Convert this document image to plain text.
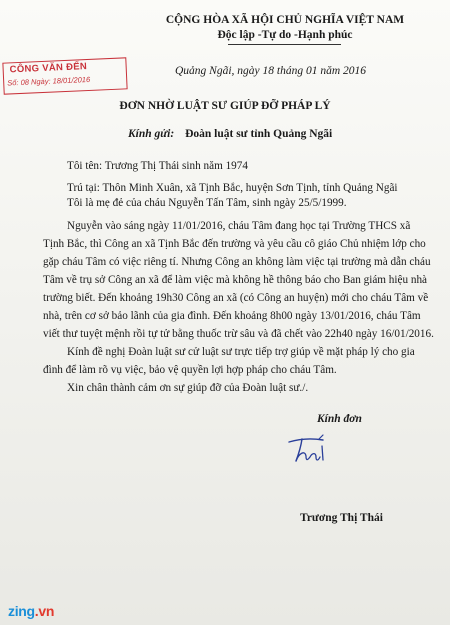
CỘNG HÒA XÃ HỘI CHỦ NGHĨA VIỆT NAM
Độc lập -Tự do -Hạnh phúc
CÔNG VĂN ĐẾN
Số: 08 Ngày: 18/01/2016
Quảng Ngãi, ngày 18 tháng 01 năm 2016
ĐƠN NHỜ LUẬT SƯ GIÚP ĐỠ PHÁP LÝ
Kính gửi: Đoàn luật sư tỉnh Quảng Ngãi
Tôi tên: Trương Thị Thái sinh năm 1974
Trú tại: Thôn Minh Xuân, xã Tịnh Bắc, huyện Sơn Tịnh, tỉnh Quảng Ngãi
Tôi là mẹ đẻ của cháu Nguyễn Tấn Tâm, sinh ngày 25/5/1999.
Nguyễn vào sáng ngày 11/01/2016, cháu Tâm đang học tại Trường THCS xã
Tịnh Bắc, thì Công an xã Tịnh Bắc đến trường và yêu cầu cô giáo Chủ nhiệm lớp cho
gặp cháu Tâm có việc riêng tí. Nhưng Công an không làm việc tại trường mà dẫn cháu
Tâm về trụ sở Công an xã để làm việc mà không hề thông báo cho Ban giám hiệu nhà
trường biết. Đến khoảng 19h30 Công an xã (có Công an huyện) mới cho cháu Tâm về
nhà, trên cơ sở bảo lãnh của gia đình. Đến khoảng 8h00 ngày 13/01/2016, cháu Tâm
viết thư tuyệt mệnh rồi tự tử bằng thuốc trừ sâu và đã chết vào 22h40 ngày 16/01/2016.
Kính đề nghị Đoàn luật sư cử luật sư trực tiếp trợ giúp về mặt pháp lý cho gia
đình để làm rõ vụ việc, bảo vệ quyền lợi hợp pháp cho cháu Tâm.
Xin chân thành cảm ơn sự giúp đỡ của Đoàn luật sư./.
Kính đơn
Trương Thị Thái
zing.vn
